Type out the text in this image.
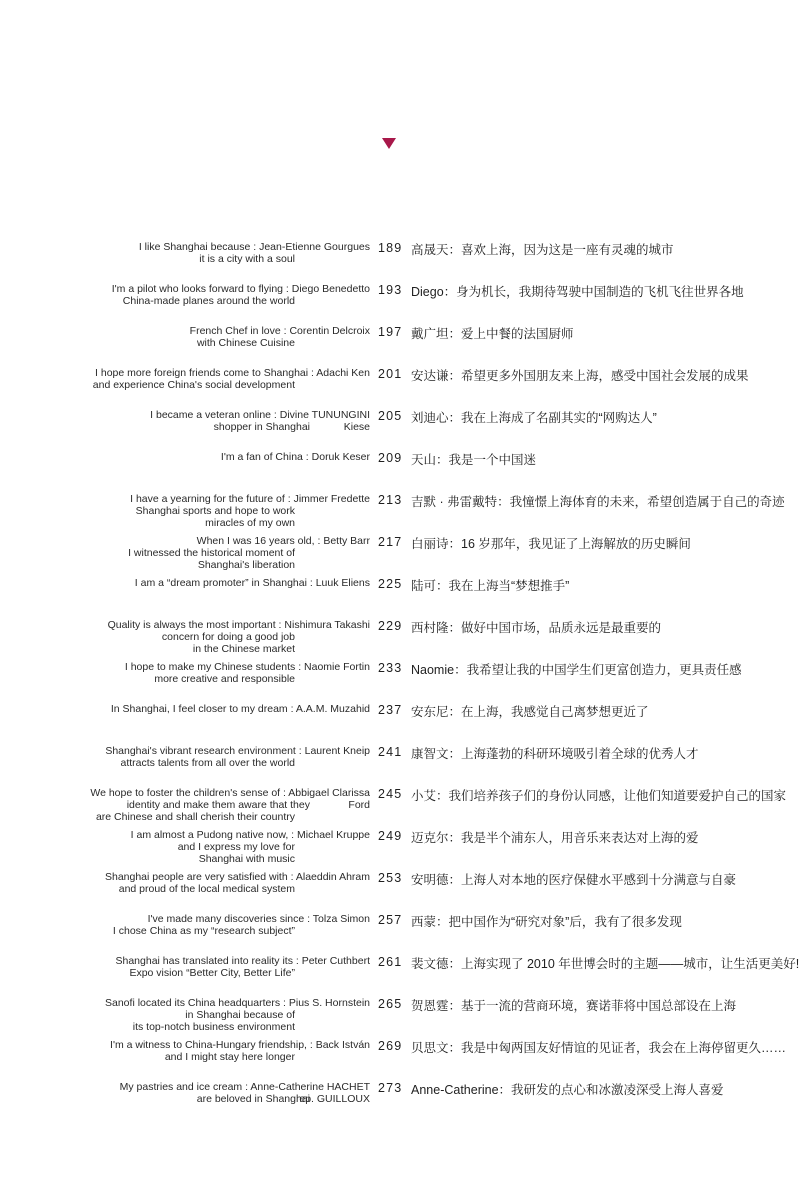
I like Shanghai because : Jean-Etienne Gourgues
it is a city with a soul
189 高晟天：喜欢上海，因为这是一座有灵魂的城市
I'm a pilot who looks forward to flying : Diego Benedetto
China-made planes around the world
193 Diego：身为机长，我期待驾驶中国制造的飞机飞往世界各地
French Chef in love : Corentin Delcroix
with Chinese Cuisine
197 戴广坦：爱上中餐的法国厨师
I hope more foreign friends come to Shanghai : Adachi Ken
and experience China's social development
201 安达谦：希望更多外国朋友来上海，感受中国社会发展的成果
I became a veteran online : Divine TUNUNGINI
Kiese
shopper in Shanghai
205 刘迪心：我在上海成了名副其实的“网购达人”
I'm a fan of China : Doruk Keser 209 天山：我是一个中国迷
I have a yearning for the future of : Jimmer Fredette
Shanghai sports and hope to work
miracles of my own
213 吉默 · 弗雷戴特：我憧憬上海体育的未来，希望创造属于自己的奇迹
When I was 16 years old, : Betty Barr
I witnessed the historical moment of
Shanghai's liberation
217 白丽诗：16 岁那年，我见证了上海解放的历史瞬间
I am a “dream promoter” in Shanghai : Luuk Eliens 225 陆可：我在上海当“梦想推手”
Quality is always the most important : Nishimura Takashi
concern for doing a good job
in the Chinese market
229 西村隆：做好中国市场，品质永远是最重要的
I hope to make my Chinese students : Naomie Fortin
more creative and responsible
233 Naomie：我希望让我的中国学生们更富创造力，更具责任感
In Shanghai, I feel closer to my dream : A.A.M. Muzahid 237 安东尼：在上海，我感觉自己离梦想更近了
Shanghai's vibrant research environment : Laurent Kneip
attracts talents from all over the world
241 康智文：上海蓬勃的科研环境吸引着全球的优秀人才
We hope to foster the children's sense of : Abbigael Clarissa
Ford
identity and make them aware that they
are Chinese and shall cherish their country
245 小艾：我们培养孩子们的身份认同感，让他们知道要爱护自己的国家
I am almost a Pudong native now, : Michael Kruppe
and I express my love for
Shanghai with music
249 迈克尔：我是半个浦东人，用音乐来表达对上海的爱
Shanghai people are very satisfied with : Alaeddin Ahram
and proud of the local medical system
253 安明德：上海人对本地的医疗保健水平感到十分满意与自豪
I've made many discoveries since : Tolza Simon
I chose China as my “research subject”
257 西蒙：把中国作为“研究对象”后，我有了很多发现
Shanghai has translated into reality its : Peter Cuthbert
Expo vision “Better City, Better Life”
261 裴文德：上海实现了 2010 年世博会时的主题——城市，让生活更美好!
Sanofi located its China headquarters : Pius S. Hornstein
in Shanghai because of
its top-notch business environment
265 贺恩霆：基于一流的营商环境，赛诺菲将中国总部设在上海
I'm a witness to China-Hungary friendship, : Back István
and I might stay here longer
269 贝思文：我是中匈两国友好情谊的见证者，我会在上海停留更久……
My pastries and ice cream : Anne-Catherine HACHET
ep. GUILLOUX
are beloved in Shanghai
273 Anne-Catherine：我研发的点心和冰激凌深受上海人喜爱
